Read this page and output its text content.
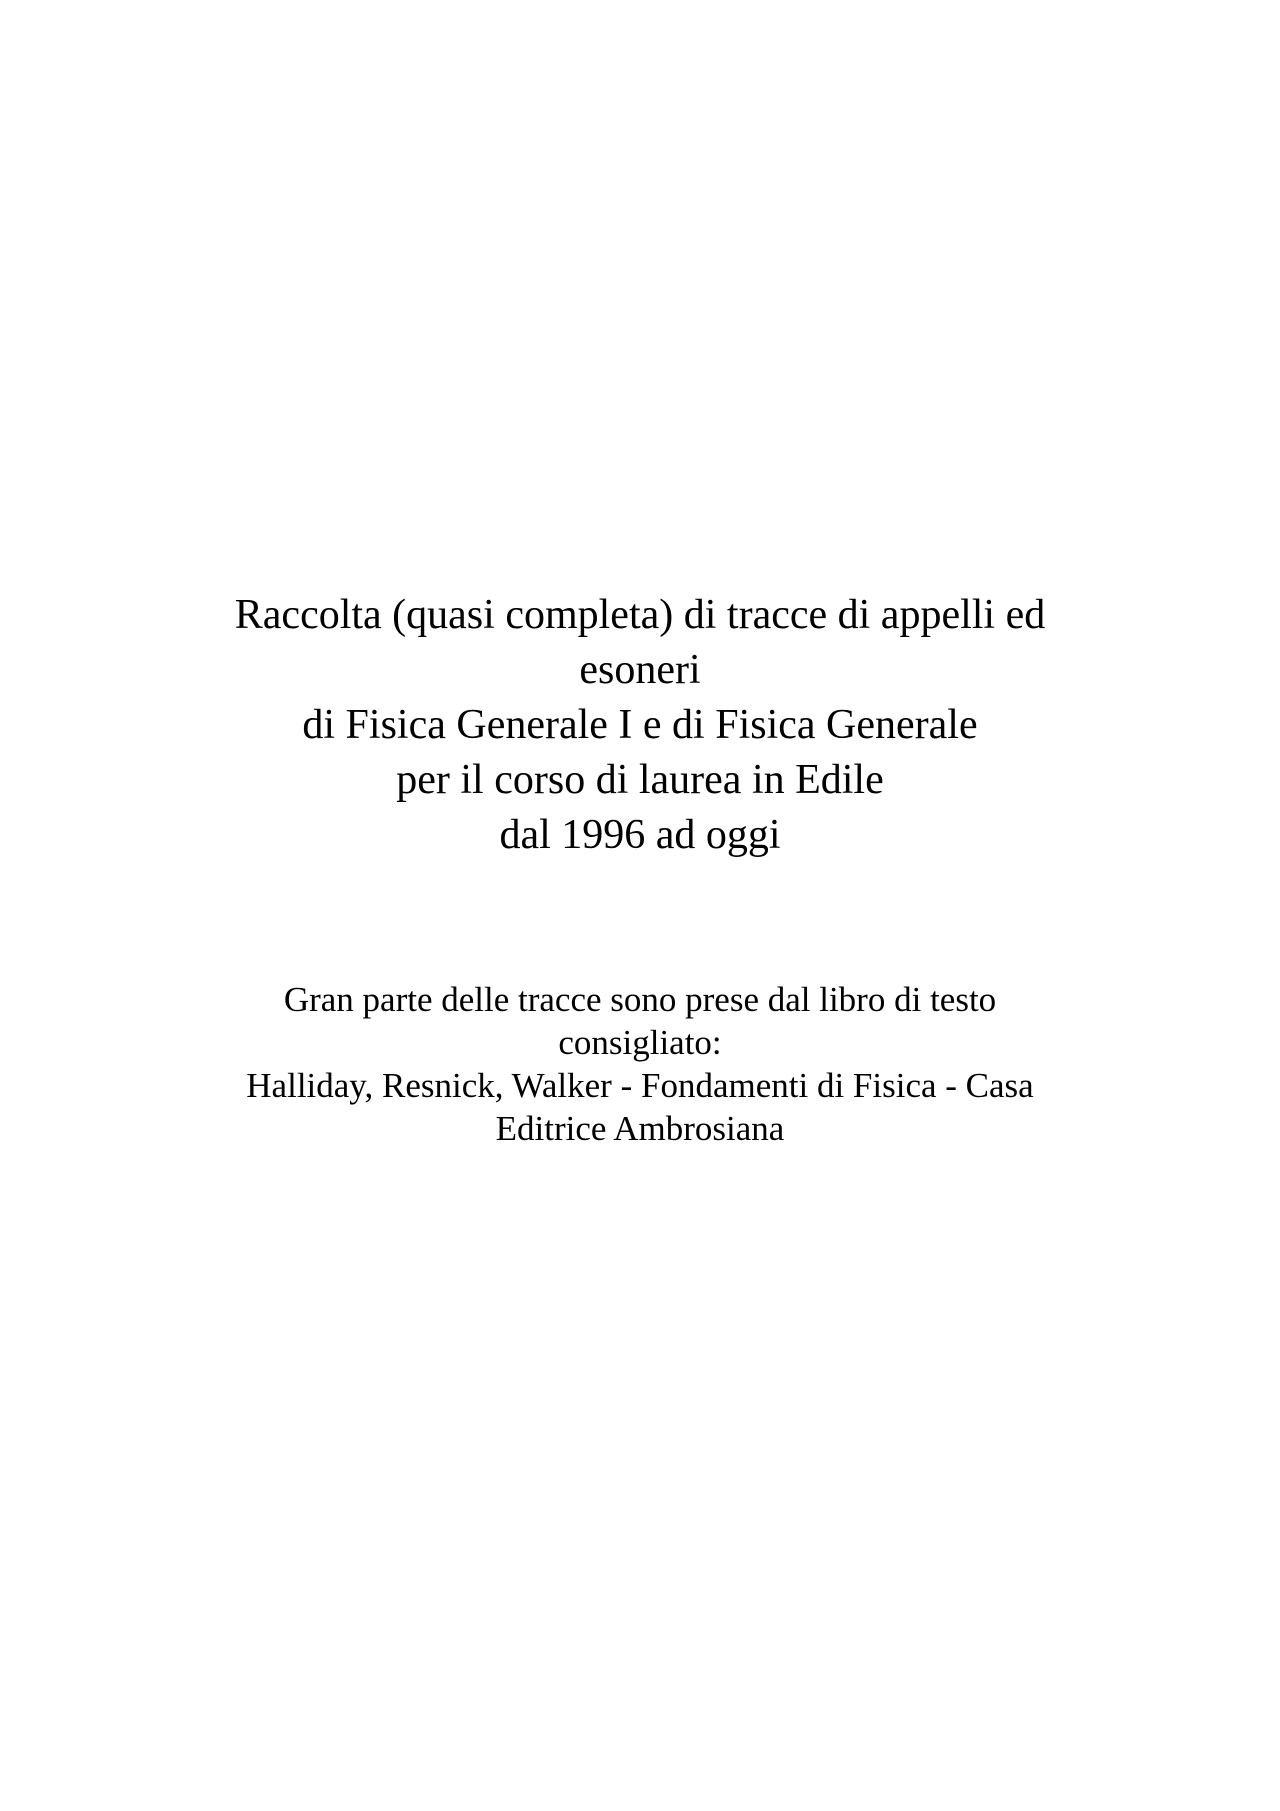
Raccolta (quasi completa) di tracce di appelli ed
esoneri
di Fisica Generale I e di Fisica Generale
per il corso di laurea in Edile
dal 1996 ad oggi
Gran parte delle tracce sono prese dal libro di testo
consigliato:
Halliday, Resnick, Walker - Fondamenti di Fisica - Casa
Editrice Ambrosiana
